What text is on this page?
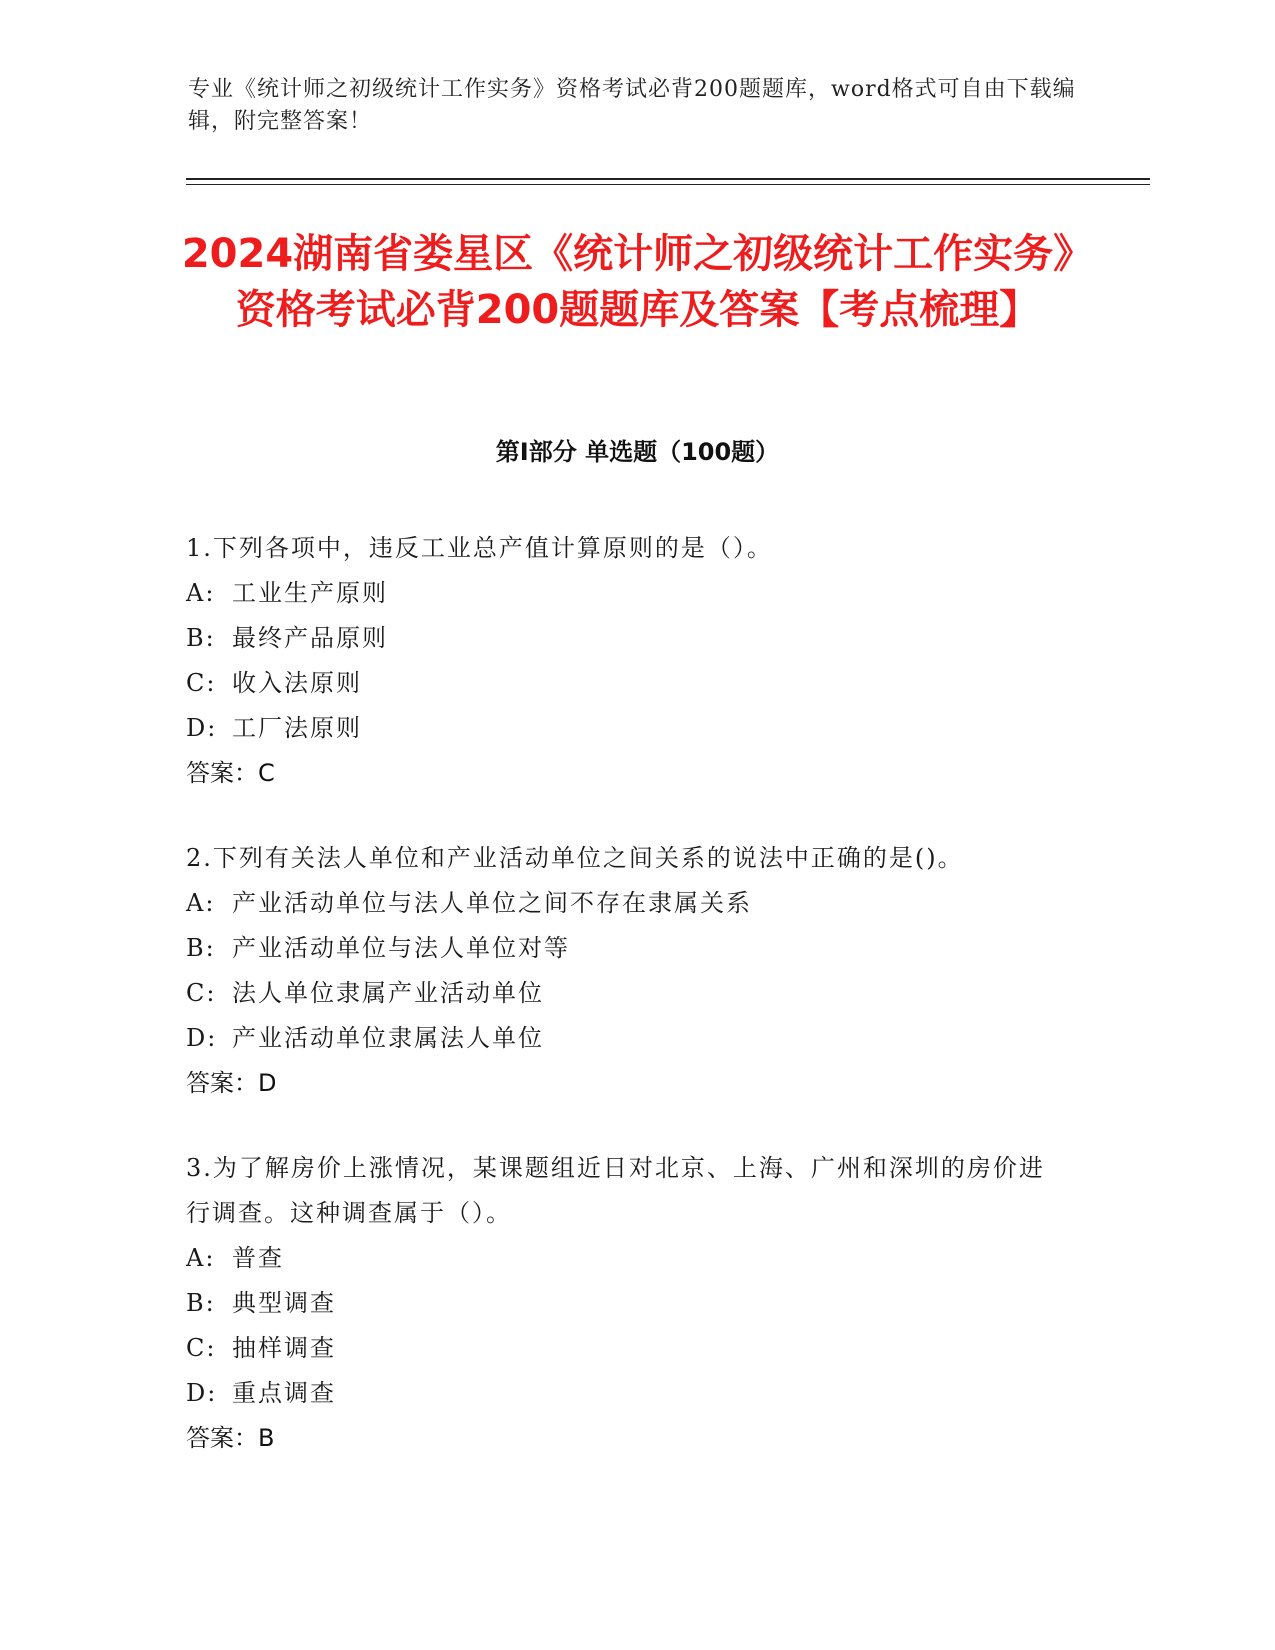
专业《统计师之初级统计工作实务》资格考试必背200题题库，word格式可自由下载编辑，附完整答案！
2024湖南省娄星区《统计师之初级统计工作实务》资格考试必背200题题库及答案【考点梳理】
第Ⅰ部分 单选题（100题）
1.下列各项中，违反工业总产值计算原则的是（）。
A: 工业生产原则
B: 最终产品原则
C: 收入法原则
D: 工厂法原则
答案：C
2.下列有关法人单位和产业活动单位之间关系的说法中正确的是()。
A: 产业活动单位与法人单位之间不存在隶属关系
B: 产业活动单位与法人单位对等
C: 法人单位隶属产业活动单位
D: 产业活动单位隶属法人单位
答案：D
3.为了解房价上涨情况，某课题组近日对北京、上海、广州和深圳的房价进行调查。这种调查属于（）。
A: 普查
B: 典型调查
C: 抽样调查
D: 重点调查
答案：B
